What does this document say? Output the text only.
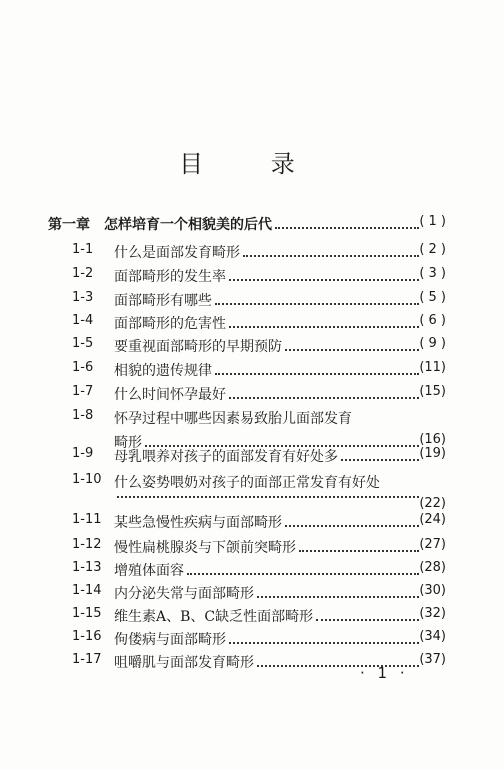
目 录
第一章 怎样培育一个相貌美的后代	( 1 )
1-1 什么是面部发育畸形	( 2 )
1-2 面部畸形的发生率	( 3 )
1-3 面部畸形有哪些	( 5 )
1-4 面部畸形的危害性	( 6 )
1-5 要重视面部畸形的早期预防	( 9 )
1-6 相貌的遗传规律	(11)
1-7 什么时间怀孕最好	(15)
1-8 怀孕过程中哪些因素易致胎儿面部发育
畸形	(16)
1-9 母乳喂养对孩子的面部发育有好处多	(19)
1-10 什么姿势喂奶对孩子的面部正常发育有好处
(22)
1-11 某些急慢性疾病与面部畸形	(24)
1-12 慢性扁桃腺炎与下颌前突畸形	(27)
1-13 增殖体面容	(28)
1-14 内分泌失常与面部畸形	(30)
1-15 维生素A、B、C缺乏性面部畸形	(32)
1-16 佝偻病与面部畸形	(34)
1-17 咀嚼肌与面部发育畸形	(37)
· 1 ·
